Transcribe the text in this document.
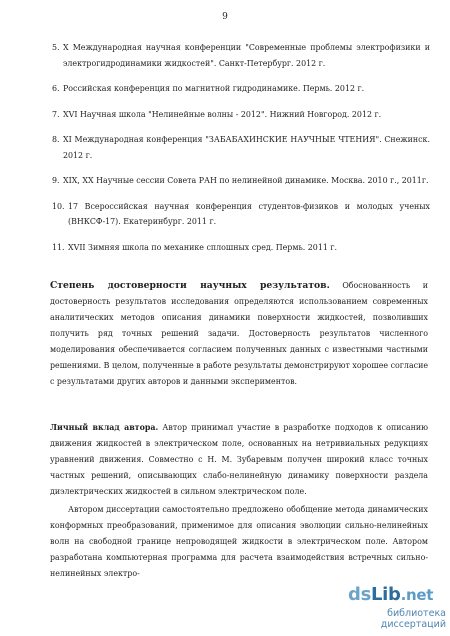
9
5. X Международная научная конференции "Современные проблемы электрофизики и электрогидродинамики жидкостей". Санкт-Петербург. 2012 г.
6. Российская конференция по магнитной гидродинамике. Пермь. 2012 г.
7. XVI Научная школа "Нелинейные волны - 2012". Нижний Новгород. 2012 г.
8. XI Международная конференция "ЗАБАБАХИНСКИЕ НАУЧНЫЕ ЧТЕНИЯ". Снежинск. 2012 г.
9. XIX, XX Научные сессии Совета РАН по нелинейной динамике. Москва. 2010 г., 2011г.
10. 17 Всероссийская научная конференция студентов-физиков и молодых ученых (ВНКСФ-17). Екатеринбург. 2011 г.
11. XVII Зимняя школа по механике сплошных сред. Пермь. 2011 г.

Степень достоверности научных результатов. Обоснованность и достоверность результатов исследования определяются использованием современных аналитических методов описания динамики поверхности жидкостей, позволивших получить ряд точных решений задачи. Достоверность результатов численного моделирования обеспечивается согласием полученных данных с известными частными решениями. В целом, полученные в работе результаты демонстрируют хорошее согласие с результатами других авторов и данными экспериментов.

Личный вклад автора. Автор принимал участие в разработке подходов к описанию движения жидкостей в электрическом поле, основанных на нетривиальных редукциях уравнений движения. Совместно с Н. М. Зубаревым получен широкий класс точных частных решений, описывающих слабо-нелинейную динамику поверхности раздела диэлектрических жидкостей в сильном электрическом поле.

Автором диссертации самостоятельно предложено обобщение метода динамических конформных преобразований, применимое для описания эволюции сильно-нелинейных волн на свободной границе непроводящей жидкости в электрическом поле. Автором разработана компьютерная программа для расчета взаимодействия встречных сильно-нелинейных электро-

dsLib.net
библиотека диссертаций
